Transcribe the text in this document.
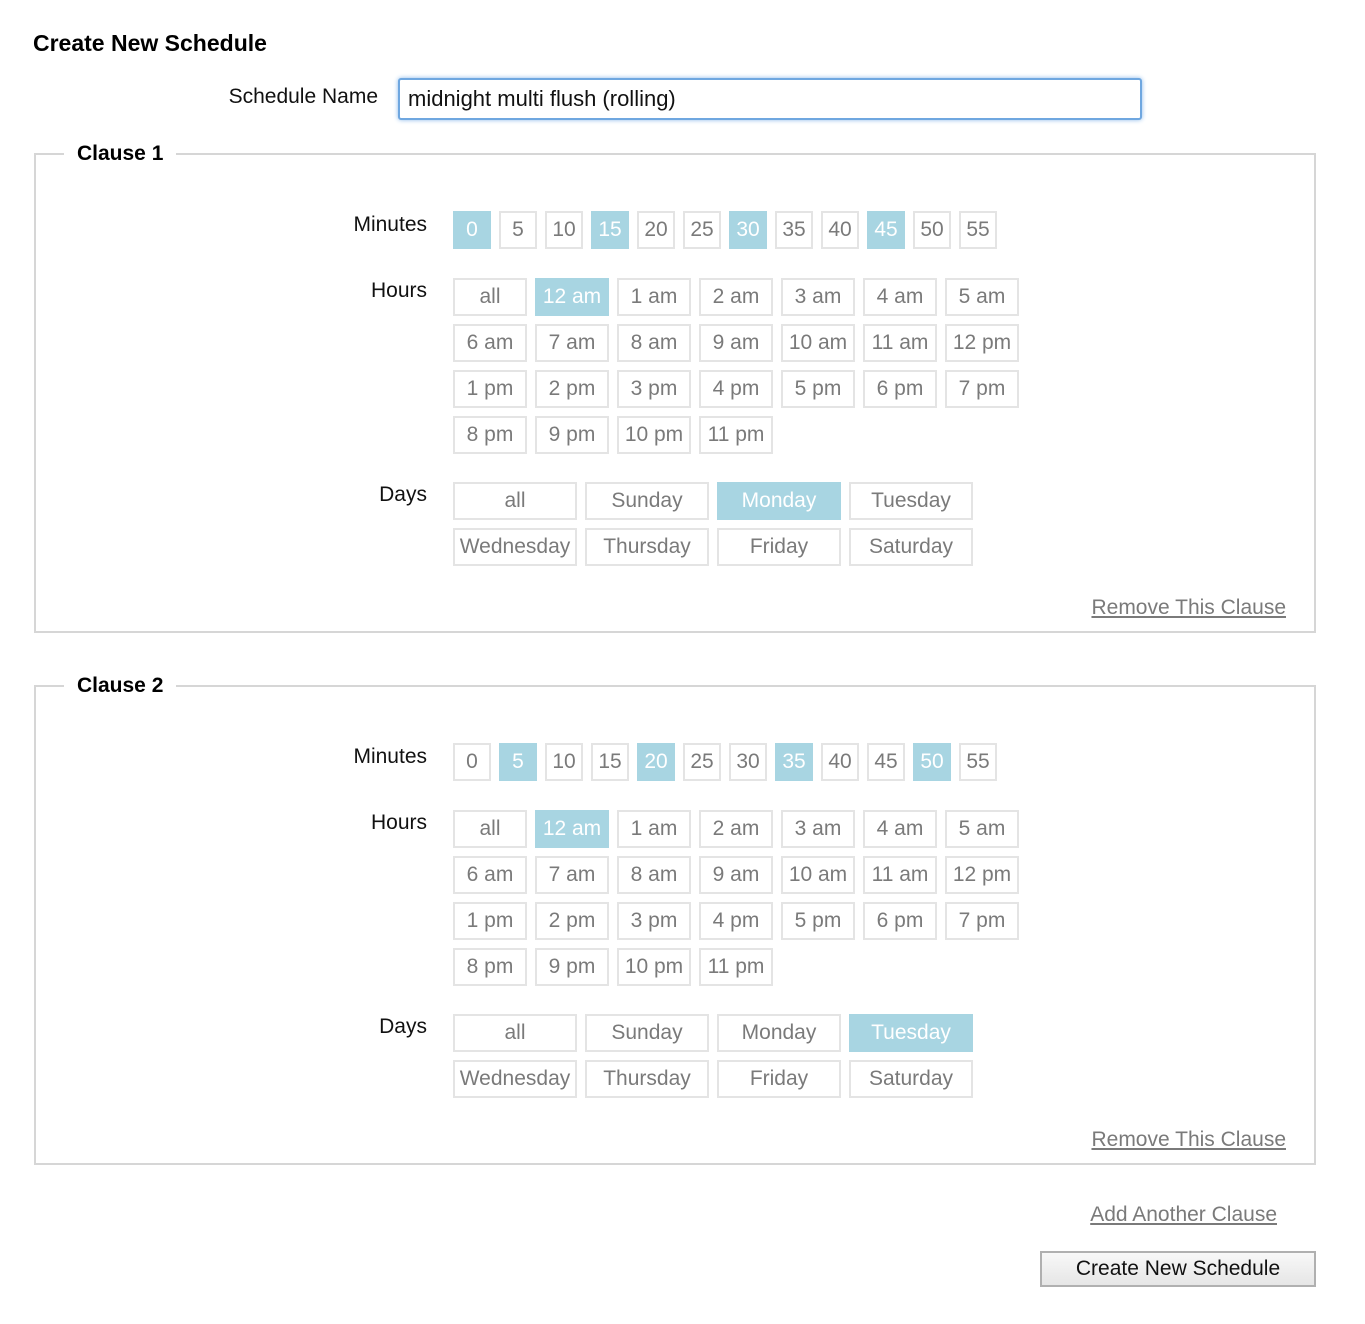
Create New Schedule
Schedule Name
midnight multi flush (rolling)
Clause 1
Minutes	0	5	10	15	20	25	30	35	40	45	50	55
Hours	all	12 am	1 am	2 am	3 am	4 am	5 am
6 am	7 am	8 am	9 am	10 am	11 am	12 pm
1 pm	2 pm	3 pm	4 pm	5 pm	6 pm	7 pm
8 pm	9 pm	10 pm	11 pm
Days	all	Sunday	Monday	Tuesday
Wednesday	Thursday	Friday	Saturday
Remove This Clause
Clause 2
Minutes	0	5	10	15	20	25	30	35	40	45	50	55
Hours	all	12 am	1 am	2 am	3 am	4 am	5 am
6 am	7 am	8 am	9 am	10 am	11 am	12 pm
1 pm	2 pm	3 pm	4 pm	5 pm	6 pm	7 pm
8 pm	9 pm	10 pm	11 pm
Days	all	Sunday	Monday	Tuesday
Wednesday	Thursday	Friday	Saturday
Remove This Clause
Add Another Clause
Create New Schedule
